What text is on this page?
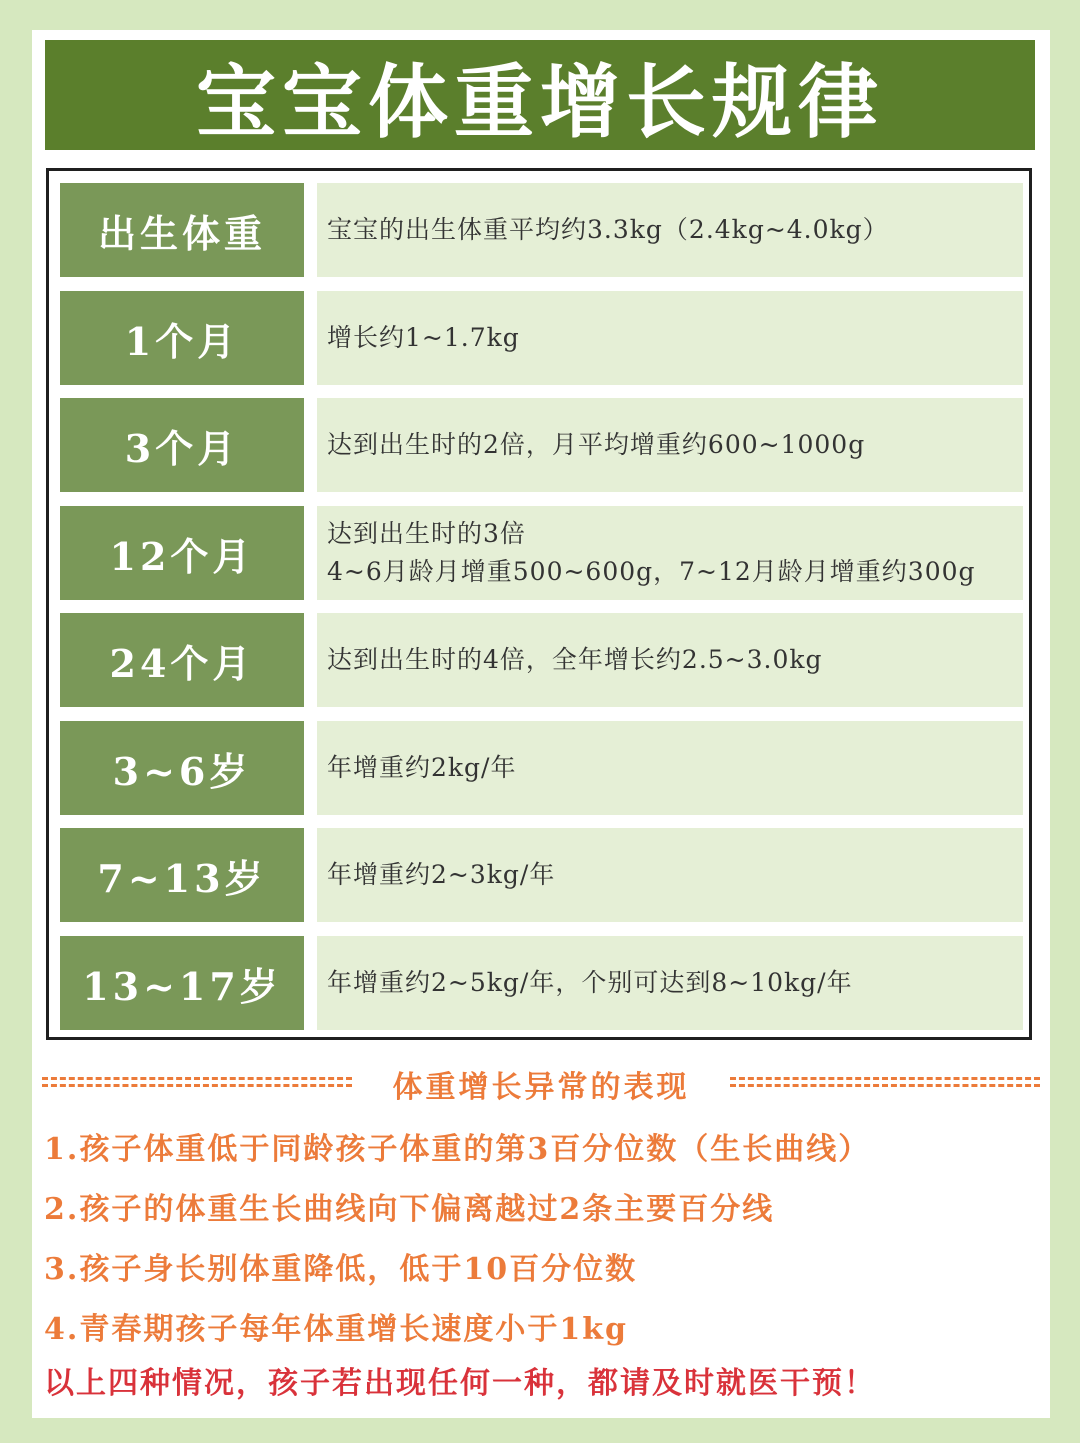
宝宝体重增长规律
出生体重 宝宝的出生体重平均约3.3kg（2.4kg~4.0kg）
1个月	增长约1~1.7kg
3个月	达到出生时的2倍，月平均增重约600~1000g
12个月	达到出生时的3倍
4~6月龄月增重500~600g，7~12月龄月增重约300g
24个月	达到出生时的4倍，全年增长约2.5~3.0kg
3~6岁	年增重约2kg/年
7~13岁 年增重约2~3kg/年
13~17岁 年增重约2~5kg/年，个别可达到8~10kg/年
体重增长异常的表现
1.孩子体重低于同龄孩子体重的第3百分位数（生长曲线）
2.孩子的体重生长曲线向下偏离越过2条主要百分线
3.孩子身长别体重降低，低于10百分位数
4.青春期孩子每年体重增长速度小于1kg
以上四种情况，孩子若出现任何一种，都请及时就医干预！
